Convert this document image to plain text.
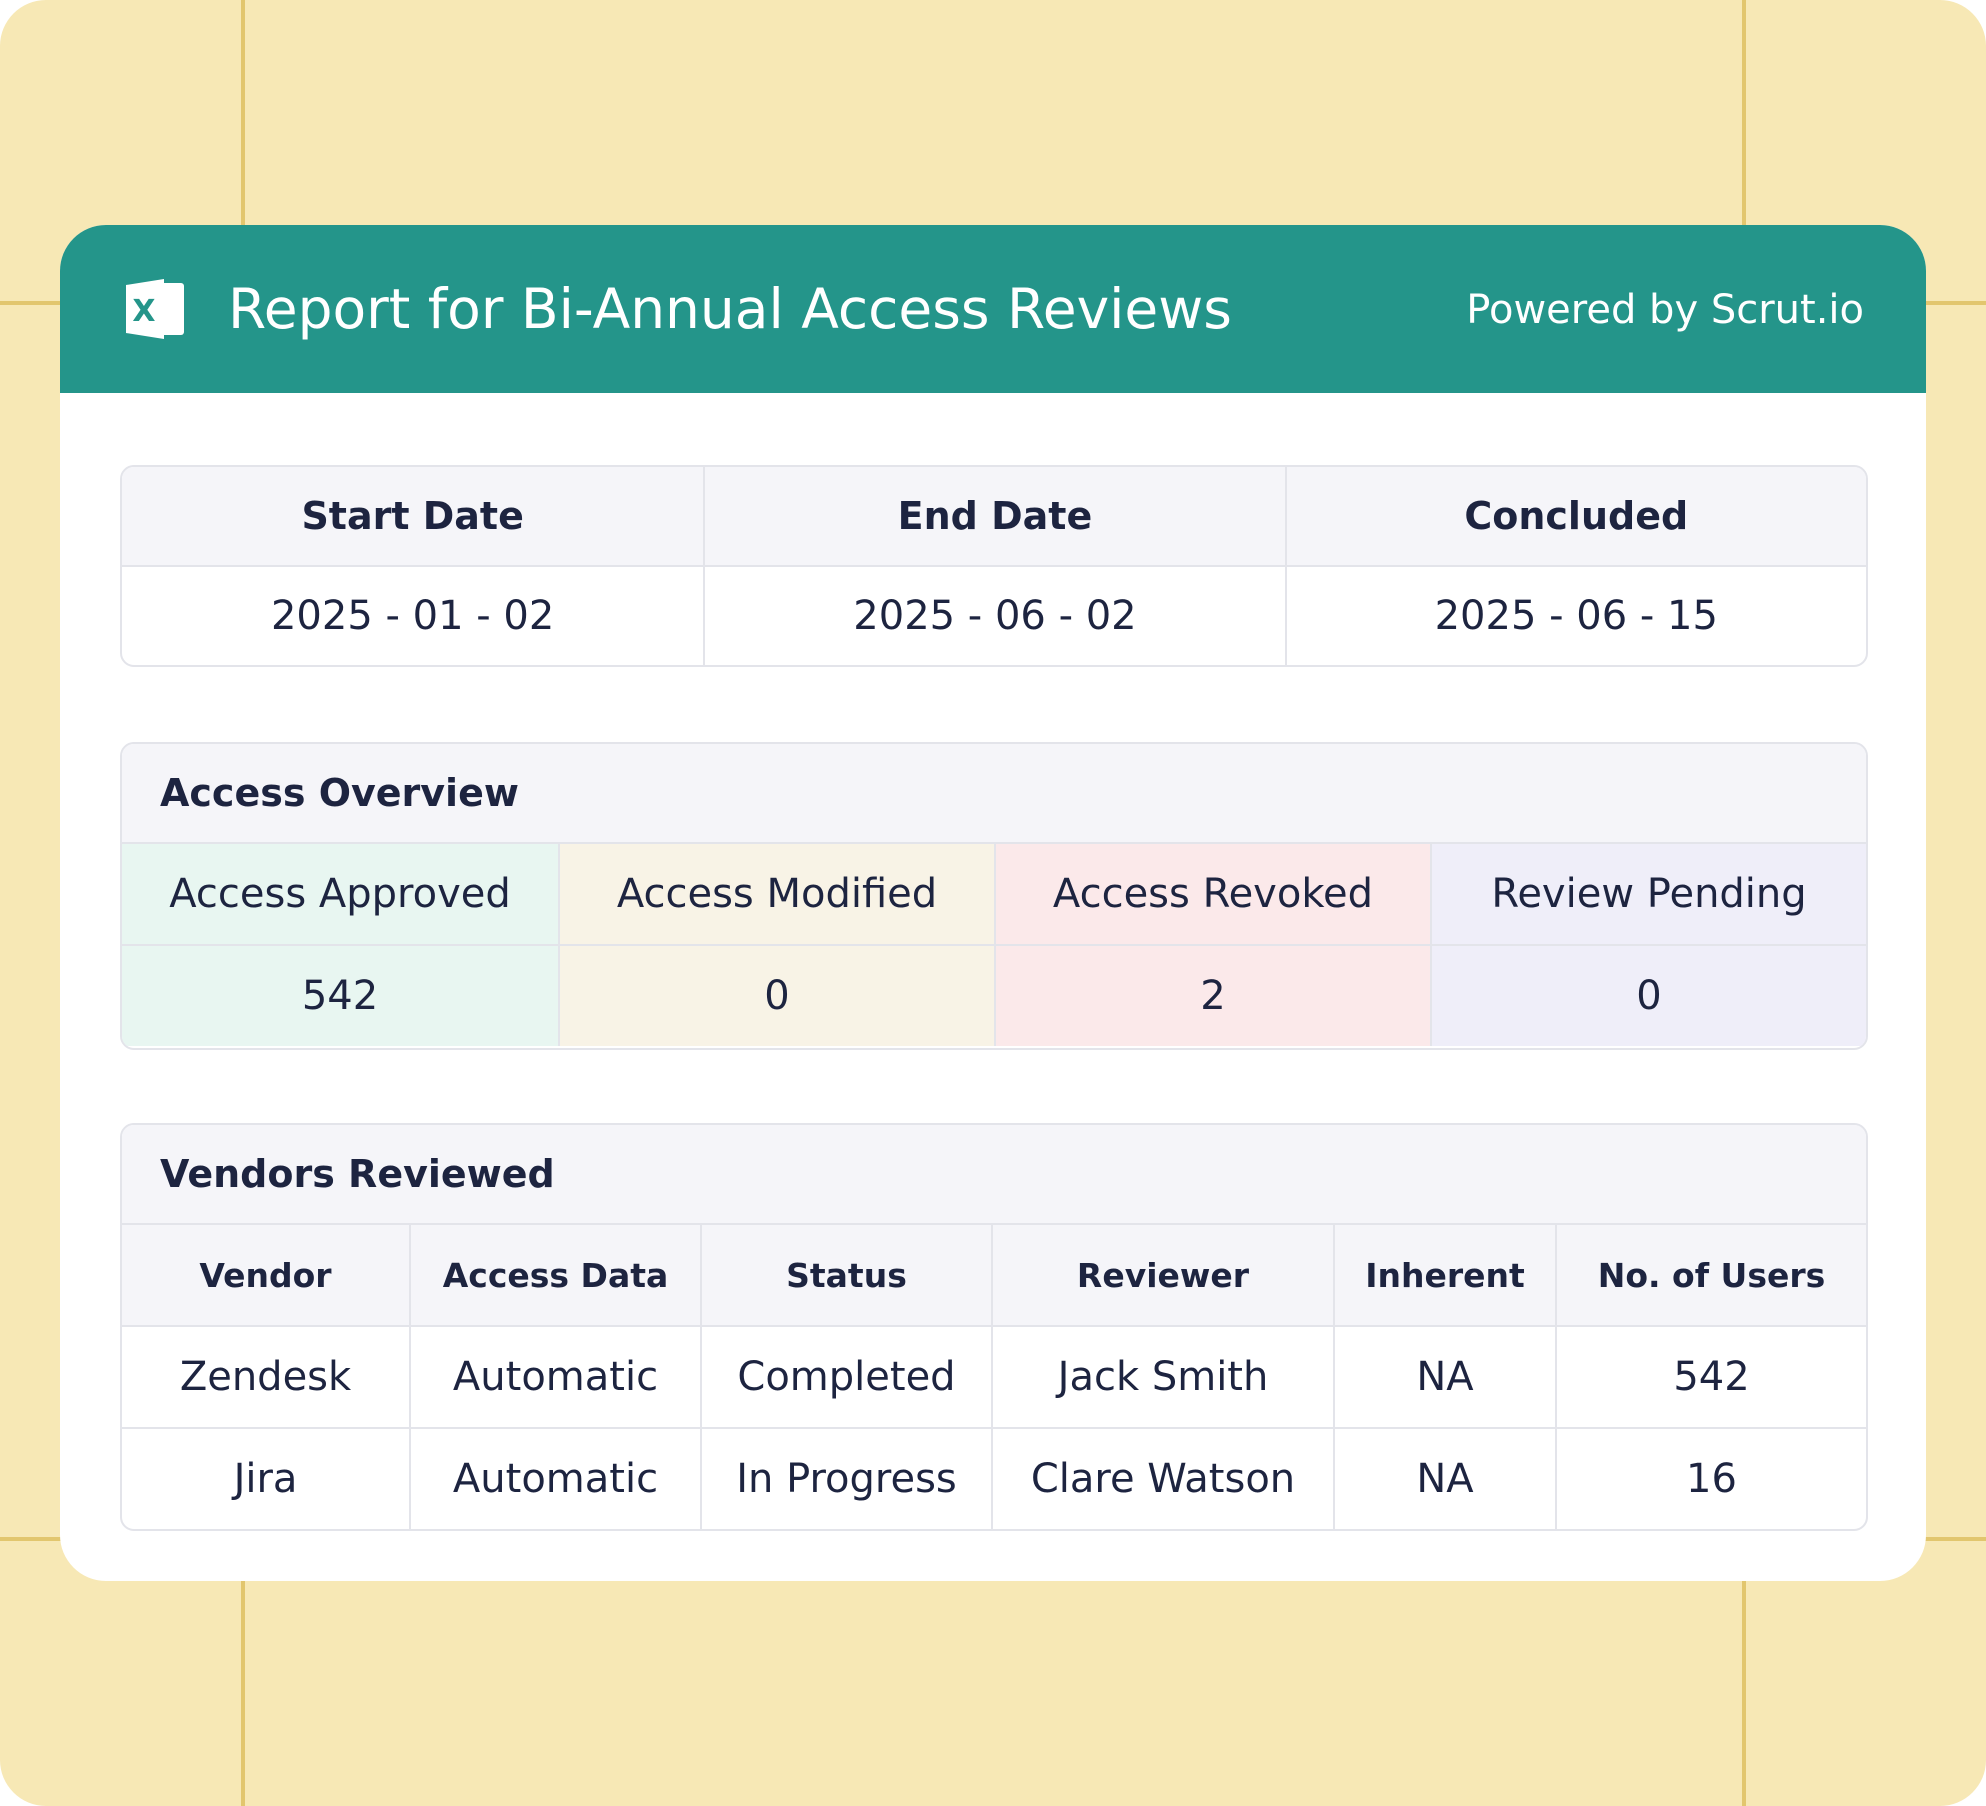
X Report for Bi-Annual Access Reviews	Powered by Scrut.io
Start Date	End Date	Concluded
2025 - 01 - 02	2025 - 06 - 02	2025 - 06 - 15
Access Overview
Access Approved	Access Modified	Access Revoked	Review Pending
542	0	2	0
Vendors Reviewed
Vendor	Access Data	Status	Reviewer	Inherent	No. of Users
Zendesk	Automatic	Completed	Jack Smith	NA	542
Jira	Automatic	In Progress	Clare Watson	NA	16
